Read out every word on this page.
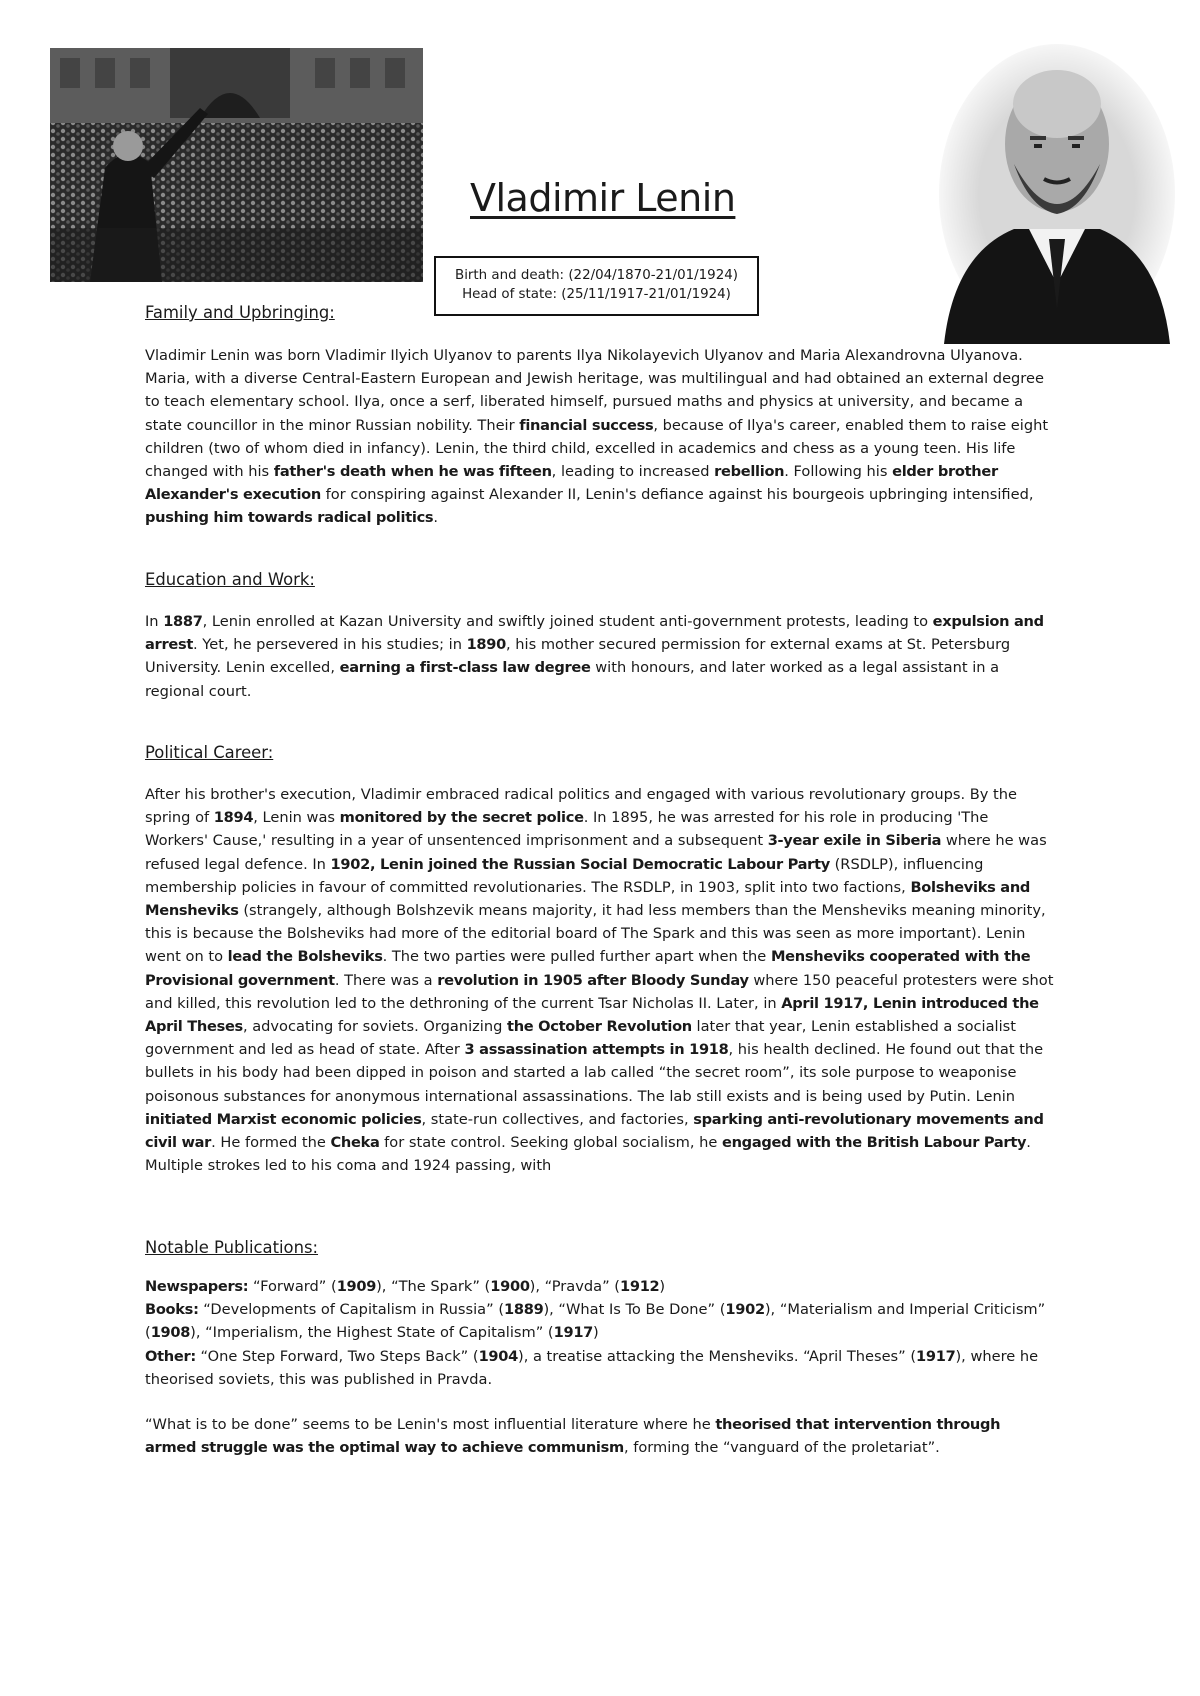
Vladimir Lenin
Birth and death: (22/04/1870-21/01/1924)
Head of state: (25/11/1917-21/01/1924)

Family and Upbringing:

Vladimir Lenin was born Vladimir Ilyich Ulyanov to parents Ilya Nikolayevich Ulyanov and Maria Alexandrovna Ulyanova. Maria, with a diverse Central-Eastern European and Jewish heritage, was multilingual and had obtained an external degree to teach elementary school. Ilya, once a serf, liberated himself, pursued maths and physics at university, and became a state councillor in the minor Russian nobility. Their financial success, because of Ilya's career, enabled them to raise eight children (two of whom died in infancy). Lenin, the third child, excelled in academics and chess as a young teen. His life changed with his father's death when he was fifteen, leading to increased rebellion. Following his elder brother Alexander's execution for conspiring against Alexander II, Lenin's defiance against his bourgeois upbringing intensified, pushing him towards radical politics.

Education and Work:

In 1887, Lenin enrolled at Kazan University and swiftly joined student anti-government protests, leading to expulsion and arrest. Yet, he persevered in his studies; in 1890, his mother secured permission for external exams at St. Petersburg University. Lenin excelled, earning a first-class law degree with honours, and later worked as a legal assistant in a regional court.

Political Career:

After his brother's execution, Vladimir embraced radical politics and engaged with various revolutionary groups. By the spring of 1894, Lenin was monitored by the secret police. In 1895, he was arrested for his role in producing 'The Workers' Cause,' resulting in a year of unsentenced imprisonment and a subsequent 3-year exile in Siberia where he was refused legal defence. In 1902, Lenin joined the Russian Social Democratic Labour Party (RSDLP), influencing membership policies in favour of committed revolutionaries. The RSDLP, in 1903, split into two factions, Bolsheviks and Mensheviks (strangely, although Bolshzevik means majority, it had less members than the Mensheviks meaning minority, this is because the Bolsheviks had more of the editorial board of The Spark and this was seen as more important). Lenin went on to lead the Bolsheviks. The two parties were pulled further apart when the Mensheviks cooperated with the Provisional government. There was a revolution in 1905 after Bloody Sunday where 150 peaceful protesters were shot and killed, this revolution led to the dethroning of the current Tsar Nicholas II. Later, in April 1917, Lenin introduced the April Theses, advocating for soviets. Organizing the October Revolution later that year, Lenin established a socialist government and led as head of state. After 3 assassination attempts in 1918, his health declined. He found out that the bullets in his body had been dipped in poison and started a lab called “the secret room”, its sole purpose to weaponise poisonous substances for anonymous international assassinations. The lab still exists and is being used by Putin. Lenin initiated Marxist economic policies, state-run collectives, and factories, sparking anti-revolutionary movements and civil war. He formed the Cheka for state control. Seeking global socialism, he engaged with the British Labour Party. Multiple strokes led to his coma and 1924 passing, with

Notable Publications:

Newspapers: “Forward” (1909), “The Spark” (1900), “Pravda” (1912)

Books: “Developments of Capitalism in Russia” (1889), “What Is To Be Done” (1902), “Materialism and Imperial Criticism” (1908), “Imperialism, the Highest State of Capitalism” (1917)

Other: “One Step Forward, Two Steps Back” (1904), a treatise attacking the Mensheviks. “April Theses” (1917), where he theorised soviets, this was published in Pravda.

“What is to be done” seems to be Lenin's most influential literature where he theorised that intervention through armed struggle was the optimal way to achieve communism, forming the “vanguard of the proletariat”.
